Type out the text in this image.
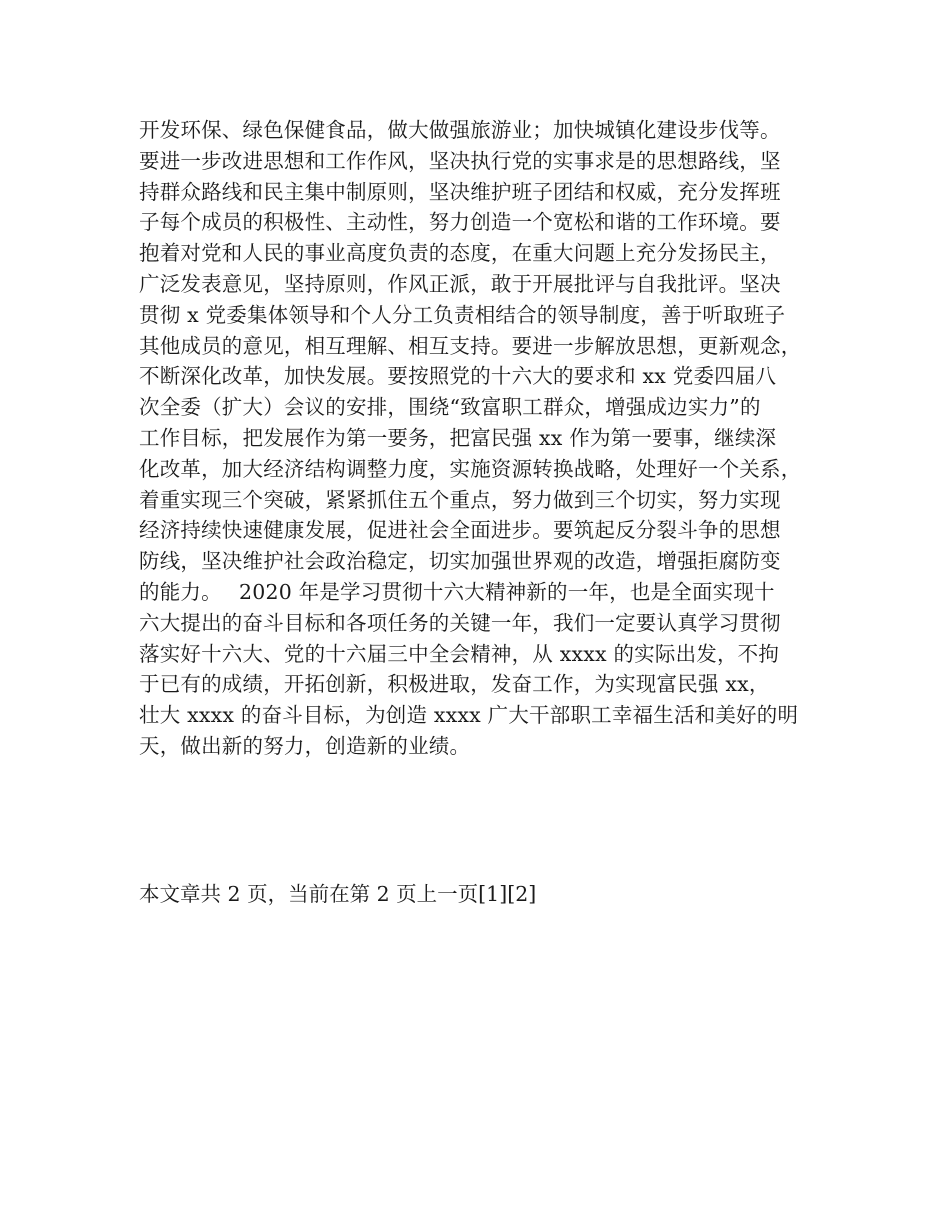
开发环保、绿色保健食品，做大做强旅游业；加快城镇化建设步伐等。
要进一步改进思想和工作作风，坚决执行党的实事求是的思想路线，坚
持群众路线和民主集中制原则，坚决维护班子团结和权威，充分发挥班
子每个成员的积极性、主动性，努力创造一个宽松和谐的工作环境。要
抱着对党和人民的事业高度负责的态度，在重大问题上充分发扬民主，
广泛发表意见，坚持原则，作风正派，敢于开展批评与自我批评。坚决
贯彻 x 党委集体领导和个人分工负责相结合的领导制度，善于听取班子
其他成员的意见，相互理解、相互支持。要进一步解放思想，更新观念，
不断深化改革，加快发展。要按照党的十六大的要求和 xx 党委四届八
次全委（扩大）会议的安排，围绕“致富职工群众，增强成边实力”的
工作目标，把发展作为第一要务，把富民强 xx 作为第一要事，继续深
化改革，加大经济结构调整力度，实施资源转换战略，处理好一个关系，
着重实现三个突破，紧紧抓住五个重点，努力做到三个切实，努力实现
经济持续快速健康发展，促进社会全面进步。要筑起反分裂斗争的思想
防线，坚决维护社会政治稳定，切实加强世界观的改造，增强拒腐防变
的能力。　 2020 年是学习贯彻十六大精神新的一年，也是全面实现十
六大提出的奋斗目标和各项任务的关键一年，我们一定要认真学习贯彻
落实好十六大、党的十六届三中全会精神，从 xxxx 的实际出发，不拘
于已有的成绩，开拓创新，积极进取，发奋工作，为实现富民强 xx，
壮大 xxxx 的奋斗目标，为创造 xxxx 广大干部职工幸福生活和美好的明
天，做出新的努力，创造新的业绩。
本文章共 2 页，当前在第 2 页上一页[1][2]
